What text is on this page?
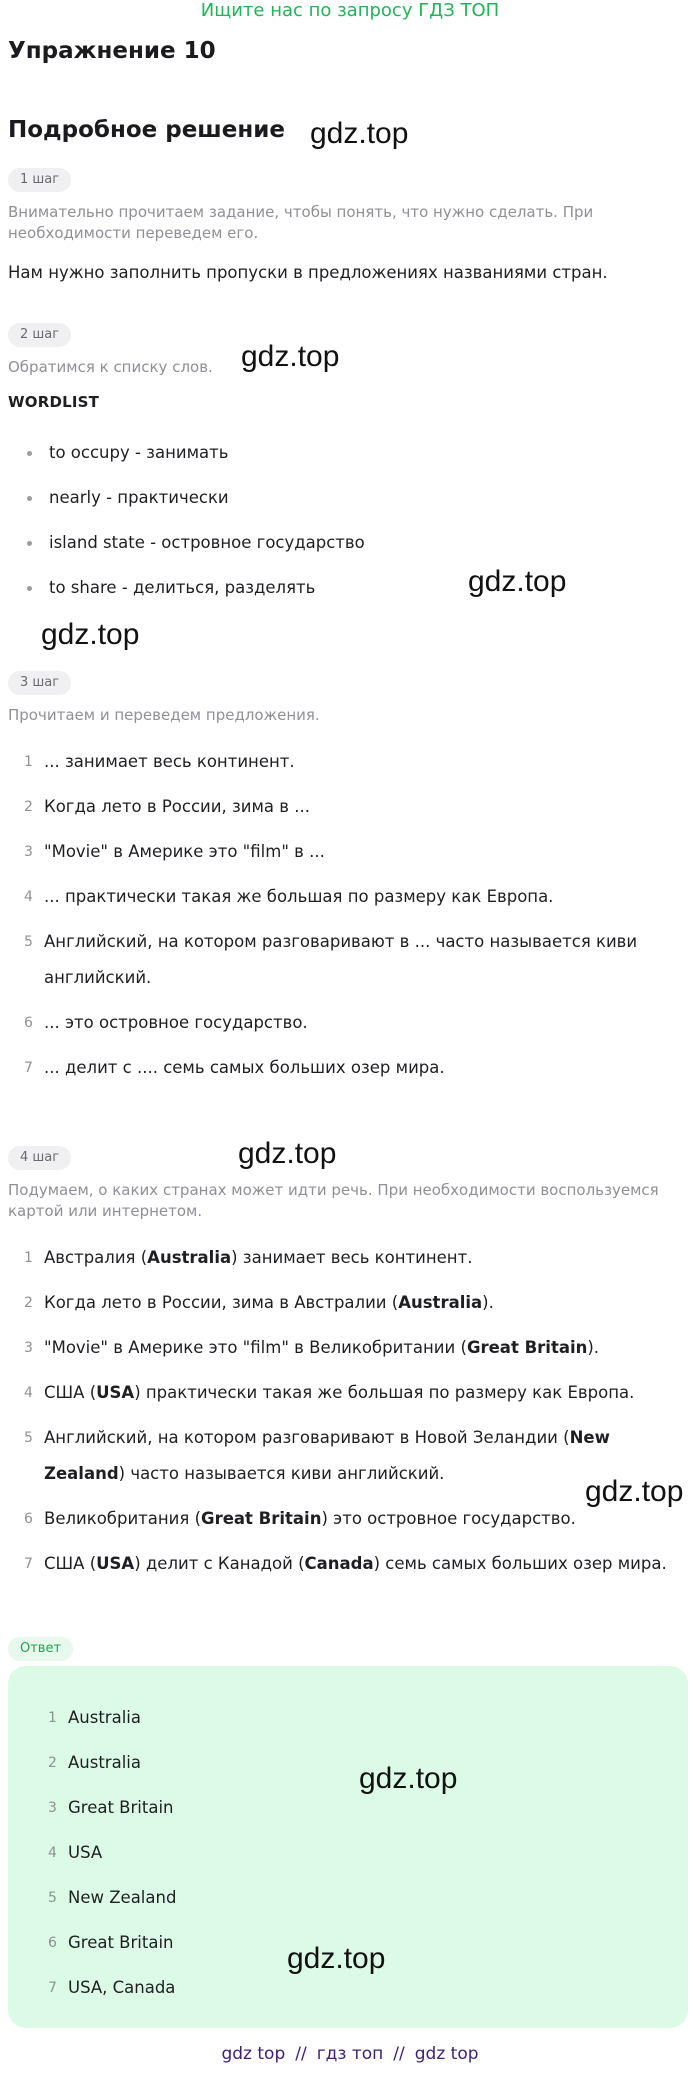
Ищите нас по запросу ГДЗ ТОП
Упражнение 10
Подробное решение
1 шаг
Внимательно прочитаем задание, чтобы понять, что нужно сделать. При необходимости переведем его.
Нам нужно заполнить пропуски в предложениях названиями стран.
2 шаг
Обратимся к списку слов.
WORDLIST
to occupy - занимать
nearly - практически
island state - островное государство
to share - делиться, разделять
3 шаг
Прочитаем и переведем предложения.
1 ... занимает весь континент.
2 Когда лето в России, зима в ...
3 "Movie" в Америке это "film" в ...
4 ... практически такая же большая по размеру как Европа.
5 Английский, на котором разговаривают в ... часто называется киви английский.
6 ... это островное государство.
7 ... делит с .... семь самых больших озер мира.
4 шаг
Подумаем, о каких странах может идти речь. При необходимости воспользуемся картой или интернетом.
1 Австралия (Australia) занимает весь континент.
2 Когда лето в России, зима в Австралии (Australia).
3 "Movie" в Америке это "film" в Великобритании (Great Britain).
4 США (USA) практически такая же большая по размеру как Европа.
5 Английский, на котором разговаривают в Новой Зеландии (New Zealand) часто называется киви английский.
6 Великобритания (Great Britain) это островное государство.
7 США (USA) делит с Канадой (Canada) семь самых больших озер мира.
Ответ
1 Australia
2 Australia
3 Great Britain
4 USA
5 New Zealand
6 Great Britain
7 USA, Canada
gdz.top
gdz.top
gdz.top
gdz.top
gdz.top
gdz.top
gdz.top
gdz.top
gdz top // гдз топ // gdz top
